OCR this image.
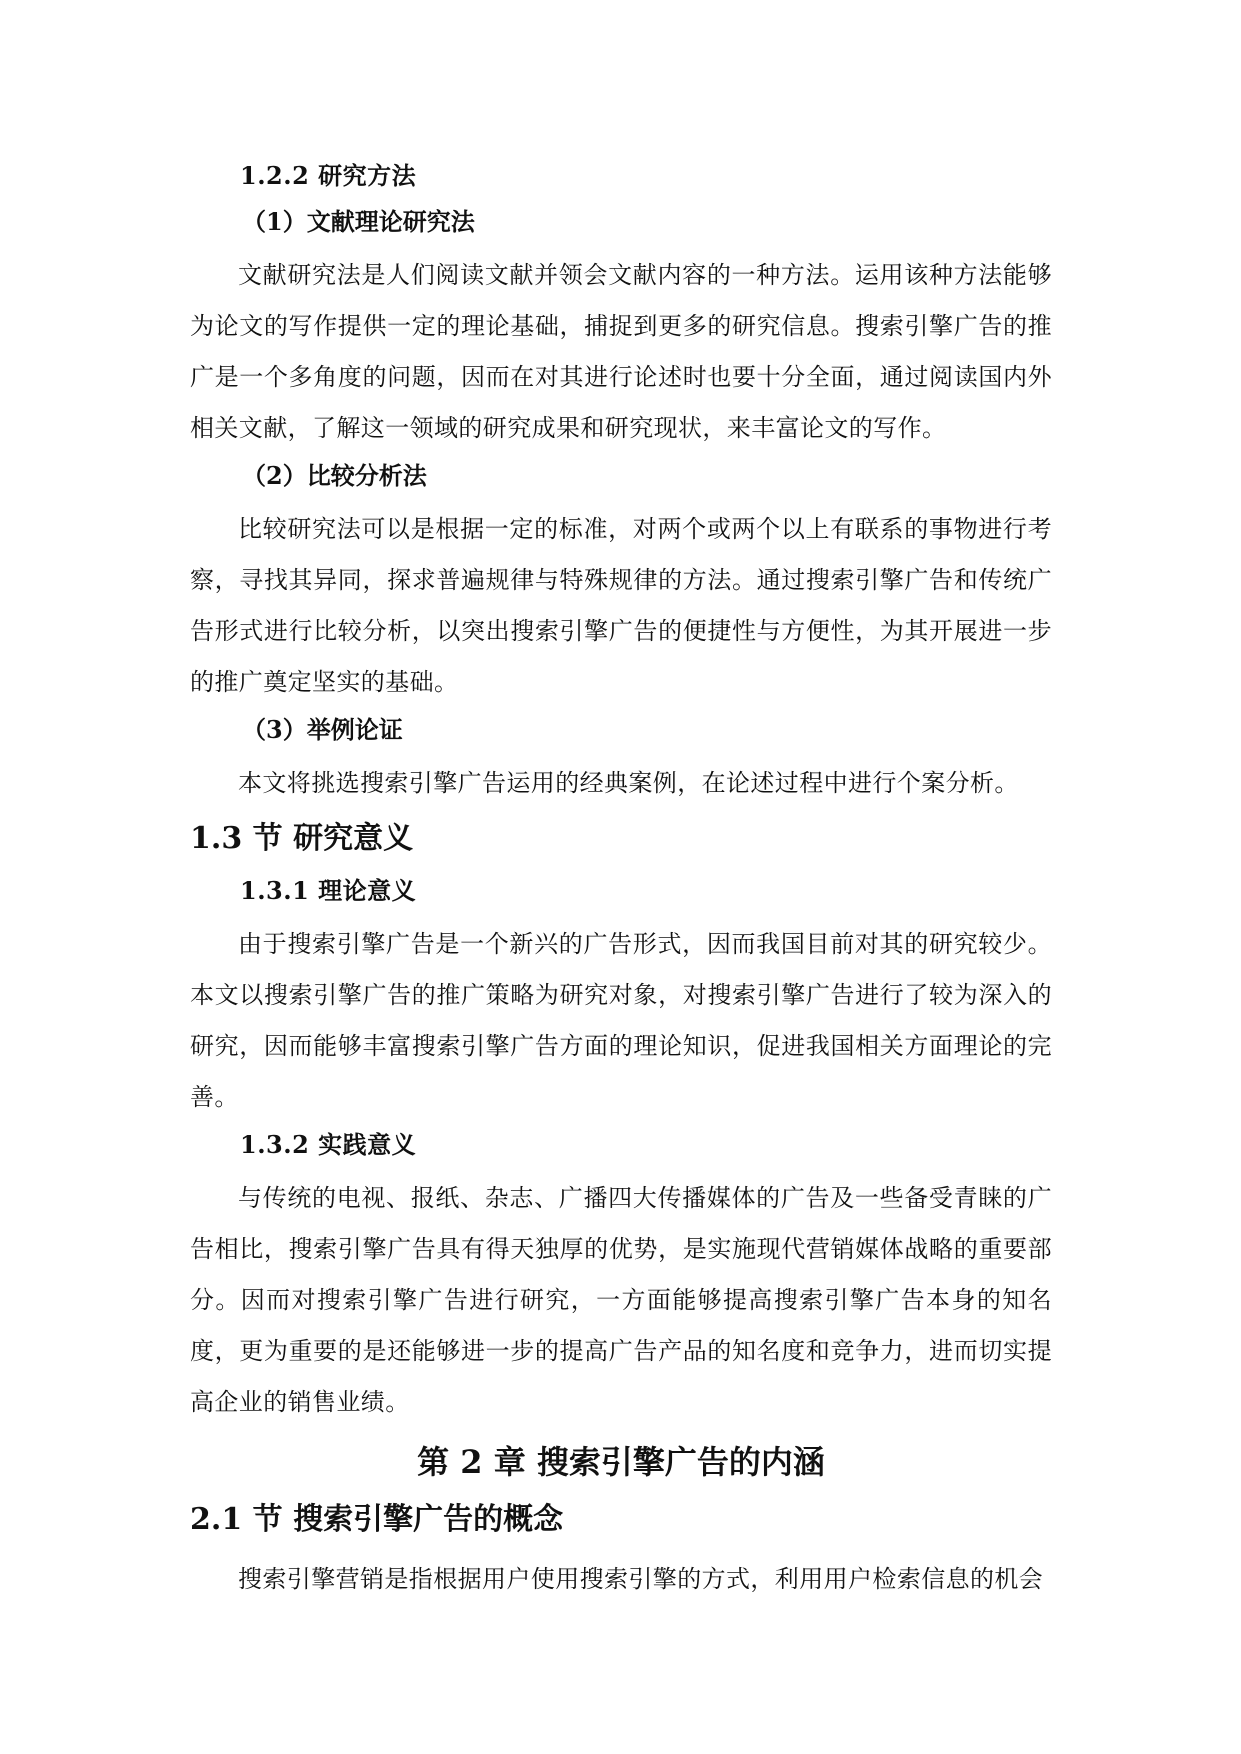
1.2.2 研究方法
（1）文献理论研究法

文献研究法是人们阅读文献并领会文献内容的一种方法。运用该种方法能够为论文的写作提供一定的理论基础，捕捉到更多的研究信息。搜索引擎广告的推广是一个多角度的问题，因而在对其进行论述时也要十分全面，通过阅读国内外相关文献，了解这一领域的研究成果和研究现状，来丰富论文的写作。

（2）比较分析法

比较研究法可以是根据一定的标准，对两个或两个以上有联系的事物进行考察，寻找其异同，探求普遍规律与特殊规律的方法。通过搜索引擎广告和传统广告形式进行比较分析，以突出搜索引擎广告的便捷性与方便性，为其开展进一步的推广奠定坚实的基础。

（3）举例论证

本文将挑选搜索引擎广告运用的经典案例，在论述过程中进行个案分析。

1.3 节 研究意义
1.3.1 理论意义

由于搜索引擎广告是一个新兴的广告形式，因而我国目前对其的研究较少。本文以搜索引擎广告的推广策略为研究对象，对搜索引擎广告进行了较为深入的研究，因而能够丰富搜索引擎广告方面的理论知识，促进我国相关方面理论的完善。

1.3.2 实践意义

与传统的电视、报纸、杂志、广播四大传播媒体的广告及一些备受青睐的广告相比，搜索引擎广告具有得天独厚的优势，是实施现代营销媒体战略的重要部分。因而对搜索引擎广告进行研究，一方面能够提高搜索引擎广告本身的知名度，更为重要的是还能够进一步的提高广告产品的知名度和竞争力，进而切实提高企业的销售业绩。

第 2 章 搜索引擎广告的内涵
2.1 节 搜索引擎广告的概念

搜索引擎营销是指根据用户使用搜索引擎的方式，利用用户检索信息的机会
